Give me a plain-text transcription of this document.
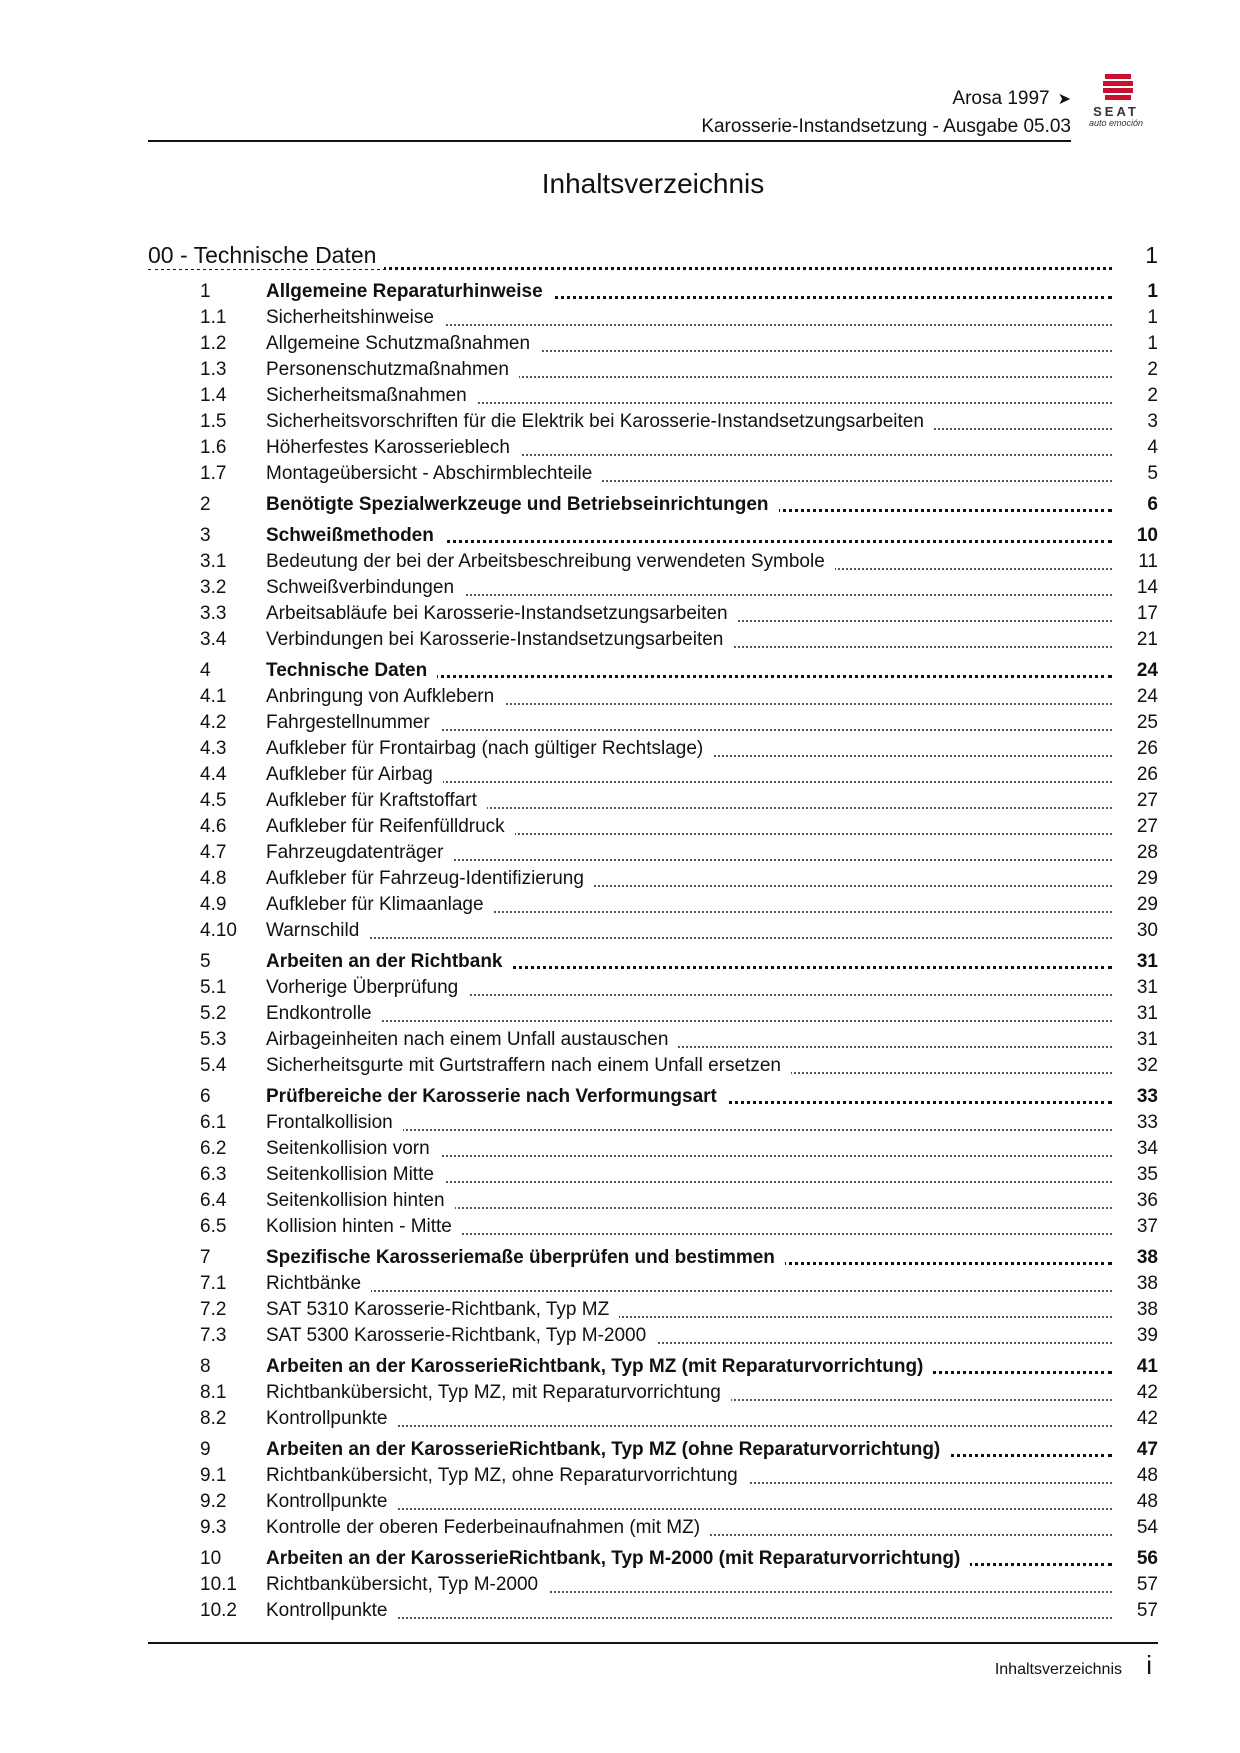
Arosa 1997 ➤
Karosserie-Instandsetzung - Ausgabe 05.03
SEAT
auto emoción
Inhaltsverzeichnis
00 - Technische Daten	1
1	Allgemeine Reparaturhinweise	1
1.1 Sicherheitshinweise	1
1.2 Allgemeine Schutzmaßnahmen	1
1.3 Personenschutzmaßnahmen	2
1.4 Sicherheitsmaßnahmen	2
1.5 Sicherheitsvorschriften für die Elektrik bei Karosserie-Instandsetzungsarbeiten	3
1.6 Höherfestes Karosserieblech	4
1.7 Montageübersicht - Abschirmblechteile	5
2	Benötigte Spezialwerkzeuge und Betriebseinrichtungen	6
3	Schweißmethoden	10
3.1 Bedeutung der bei der Arbeitsbeschreibung verwendeten Symbole	11
3.2 Schweißverbindungen	14
3.3 Arbeitsabläufe bei Karosserie-Instandsetzungsarbeiten	17
3.4 Verbindungen bei Karosserie-Instandsetzungsarbeiten	21
4	Technische Daten	24
4.1 Anbringung von Aufklebern	24
4.2 Fahrgestellnummer	25
4.3 Aufkleber für Frontairbag (nach gültiger Rechtslage)	26
4.4 Aufkleber für Airbag	26
4.5 Aufkleber für Kraftstoffart	27
4.6 Aufkleber für Reifenfülldruck	27
4.7 Fahrzeugdatenträger	28
4.8 Aufkleber für Fahrzeug-Identifizierung	29
4.9 Aufkleber für Klimaanlage	29
4.10 Warnschild	30
5	Arbeiten an der Richtbank	31
5.1 Vorherige Überprüfung	31
5.2 Endkontrolle	31
5.3 Airbageinheiten nach einem Unfall austauschen	31
5.4 Sicherheitsgurte mit Gurtstraffern nach einem Unfall ersetzen	32
6	Prüfbereiche der Karosserie nach Verformungsart	33
6.1 Frontalkollision	33
6.2 Seitenkollision vorn	34
6.3 Seitenkollision Mitte	35
6.4 Seitenkollision hinten	36
6.5 Kollision hinten - Mitte	37
7	Spezifische Karosseriemaße überprüfen und bestimmen	38
7.1 Richtbänke	38
7.2 SAT 5310 Karosserie-Richtbank, Typ MZ	38
7.3 SAT 5300 Karosserie-Richtbank, Typ M-2000	39
8	Arbeiten an der KarosserieRichtbank, Typ MZ (mit Reparaturvorrichtung)	41
8.1 Richtbankübersicht, Typ MZ, mit Reparaturvorrichtung	42
8.2 Kontrollpunkte	42
9	Arbeiten an der KarosserieRichtbank, Typ MZ (ohne Reparaturvorrichtung)	47
9.1 Richtbankübersicht, Typ MZ, ohne Reparaturvorrichtung	48
9.2 Kontrollpunkte	48
9.3 Kontrolle der oberen Federbeinaufnahmen (mit MZ)	54
10 Arbeiten an der KarosserieRichtbank, Typ M-2000 (mit Reparaturvorrichtung)	56
10.1 Richtbankübersicht, Typ M-2000	57
10.2 Kontrollpunkte	57
Inhaltsverzeichnis i
